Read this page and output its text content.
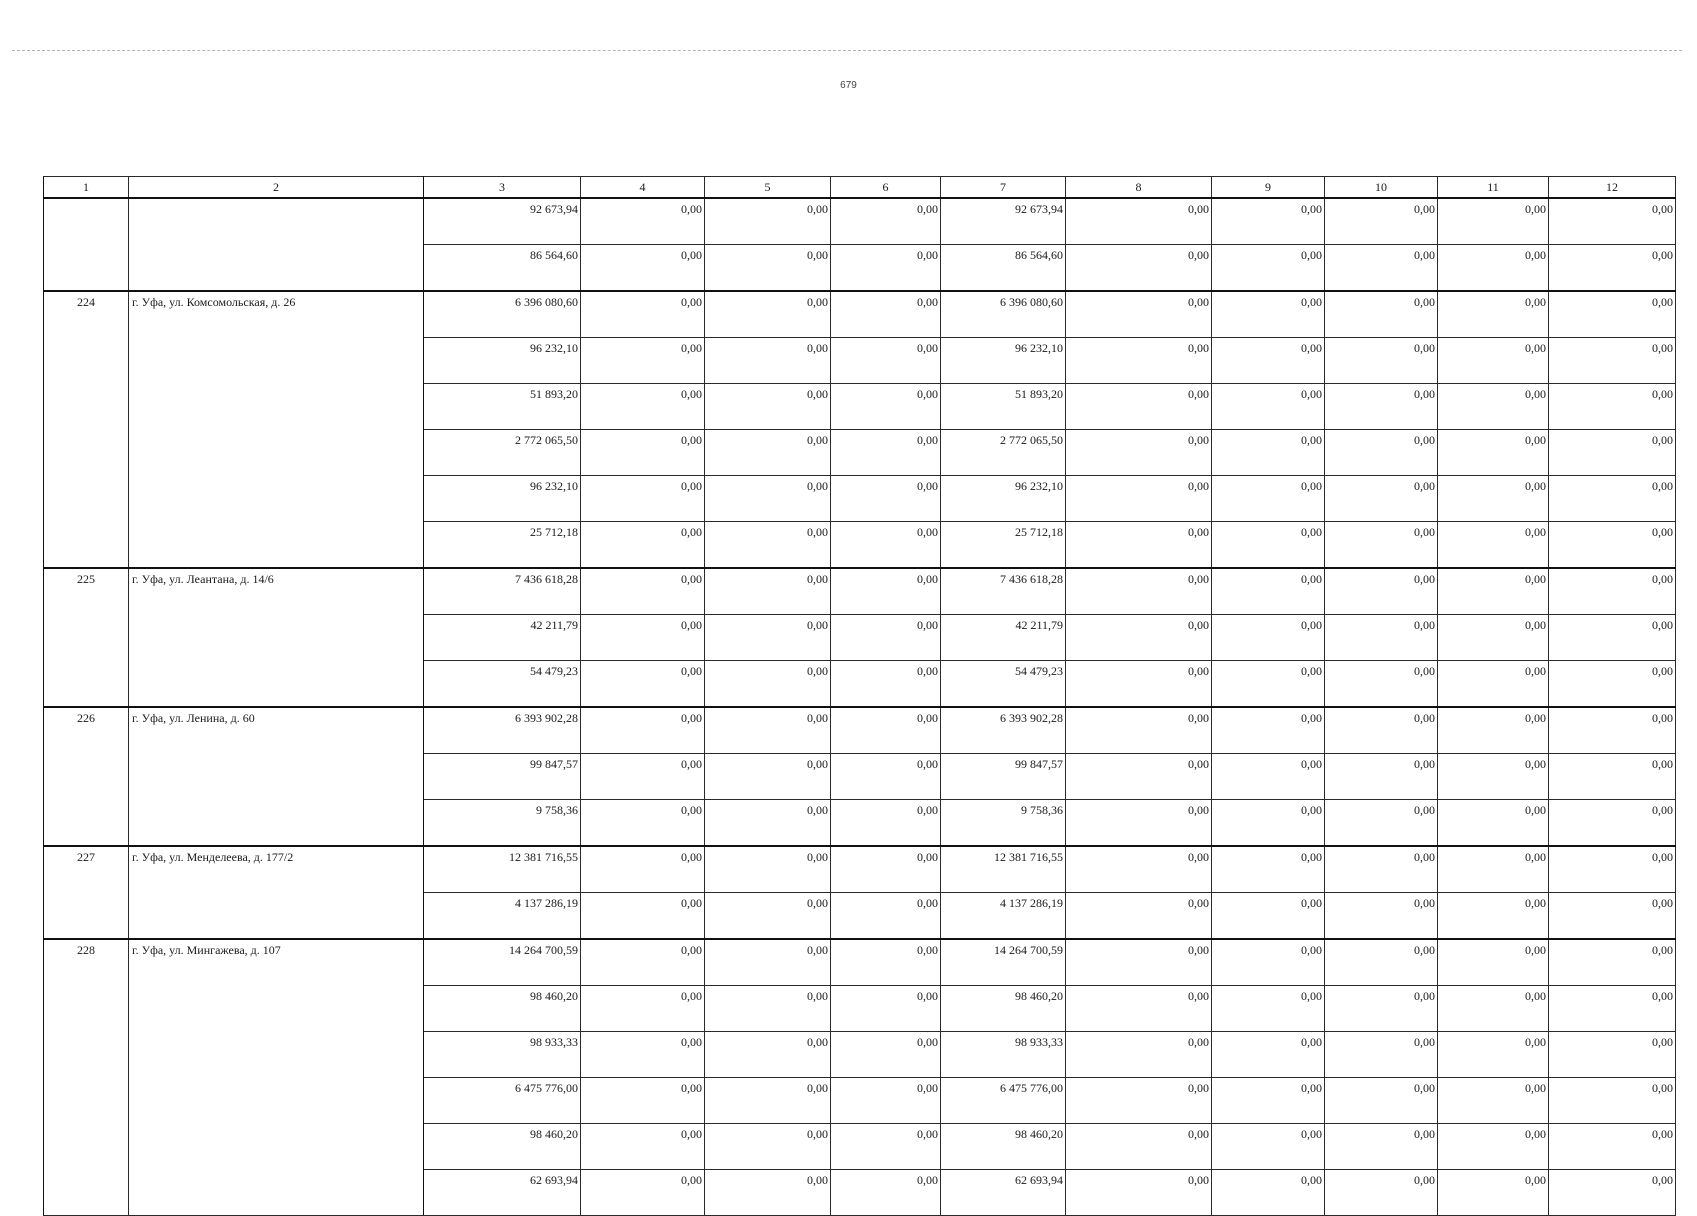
679
1	2	3	4	5	6	7	8	9	10	11	12
		92 673,94	0,00	0,00	0,00	92 673,94	0,00	0,00	0,00	0,00	0,00
		86 564,60	0,00	0,00	0,00	86 564,60	0,00	0,00	0,00	0,00	0,00
224	г. Уфа, ул. Комсомольская, д. 26	6 396 080,60	0,00	0,00	0,00	6 396 080,60	0,00	0,00	0,00	0,00	0,00
		96 232,10	0,00	0,00	0,00	96 232,10	0,00	0,00	0,00	0,00	0,00
		51 893,20	0,00	0,00	0,00	51 893,20	0,00	0,00	0,00	0,00	0,00
		2 772 065,50	0,00	0,00	0,00	2 772 065,50	0,00	0,00	0,00	0,00	0,00
		96 232,10	0,00	0,00	0,00	96 232,10	0,00	0,00	0,00	0,00	0,00
		25 712,18	0,00	0,00	0,00	25 712,18	0,00	0,00	0,00	0,00	0,00
225	г. Уфа, ул. Леантана, д. 14/6	7 436 618,28	0,00	0,00	0,00	7 436 618,28	0,00	0,00	0,00	0,00	0,00
		42 211,79	0,00	0,00	0,00	42 211,79	0,00	0,00	0,00	0,00	0,00
		54 479,23	0,00	0,00	0,00	54 479,23	0,00	0,00	0,00	0,00	0,00
226	г. Уфа, ул. Ленина, д. 60	6 393 902,28	0,00	0,00	0,00	6 393 902,28	0,00	0,00	0,00	0,00	0,00
		99 847,57	0,00	0,00	0,00	99 847,57	0,00	0,00	0,00	0,00	0,00
		9 758,36	0,00	0,00	0,00	9 758,36	0,00	0,00	0,00	0,00	0,00
227	г. Уфа, ул. Менделеева, д. 177/2	12 381 716,55	0,00	0,00	0,00	12 381 716,55	0,00	0,00	0,00	0,00	0,00
		4 137 286,19	0,00	0,00	0,00	4 137 286,19	0,00	0,00	0,00	0,00	0,00
228	г. Уфа, ул. Мингажева, д. 107	14 264 700,59	0,00	0,00	0,00	14 264 700,59	0,00	0,00	0,00	0,00	0,00
		98 460,20	0,00	0,00	0,00	98 460,20	0,00	0,00	0,00	0,00	0,00
		98 933,33	0,00	0,00	0,00	98 933,33	0,00	0,00	0,00	0,00	0,00
		6 475 776,00	0,00	0,00	0,00	6 475 776,00	0,00	0,00	0,00	0,00	0,00
		98 460,20	0,00	0,00	0,00	98 460,20	0,00	0,00	0,00	0,00	0,00
		62 693,94	0,00	0,00	0,00	62 693,94	0,00	0,00	0,00	0,00	0,00
